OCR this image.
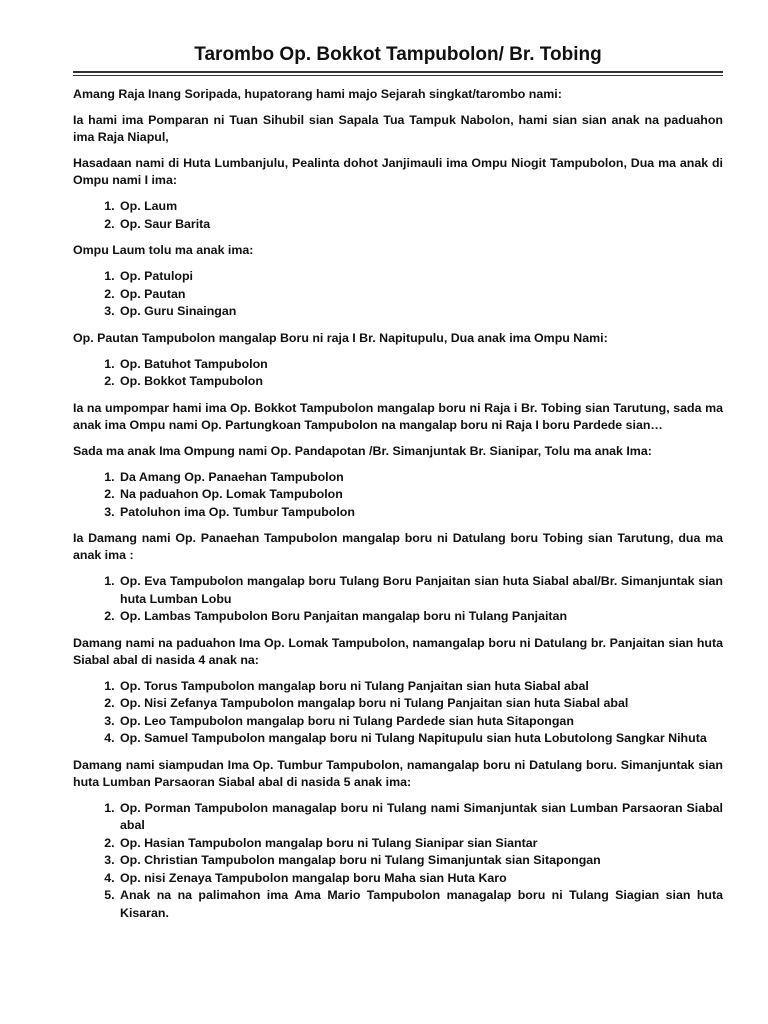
Tarombo Op. Bokkot Tampubolon/ Br. Tobing

Amang Raja Inang Soripada, hupatorang hami majo Sejarah singkat/tarombo nami:

Ia hami ima Pomparan ni Tuan Sihubil sian Sapala Tua Tampuk Nabolon, hami sian sian anak na paduahon ima Raja Niapul,

Hasadaan nami di Huta Lumbanjulu, Pealinta dohot Janjimauli ima Ompu Niogit Tampubolon, Dua ma anak di Ompu nami I ima:

1. Op. Laum
2. Op. Saur Barita

Ompu Laum tolu ma anak ima:

1. Op. Patulopi
2. Op. Pautan
3. Op. Guru Sinaingan

Op. Pautan Tampubolon mangalap Boru ni raja I Br. Napitupulu, Dua anak ima Ompu Nami:

1. Op. Batuhot Tampubolon
2. Op. Bokkot Tampubolon

Ia na umpompar hami ima Op. Bokkot Tampubolon mangalap boru ni Raja i Br. Tobing sian Tarutung, sada ma anak ima Ompu nami Op. Partungkoan Tampubolon na mangalap boru ni Raja I boru Pardede sian…

Sada ma anak Ima Ompung nami Op. Pandapotan /Br. Simanjuntak Br. Sianipar, Tolu ma anak Ima:

1. Da Amang Op. Panaehan Tampubolon
2. Na paduahon Op. Lomak Tampubolon
3. Patoluhon ima Op. Tumbur Tampubolon

Ia Damang nami Op. Panaehan Tampubolon mangalap boru ni Datulang boru Tobing sian Tarutung, dua ma anak ima :

1. Op. Eva Tampubolon mangalap boru Tulang Boru Panjaitan sian huta Siabal abal/Br. Simanjuntak sian huta Lumban Lobu
2. Op. Lambas Tampubolon Boru Panjaitan mangalap boru ni Tulang Panjaitan

Damang nami na paduahon Ima Op. Lomak Tampubolon, namangalap boru ni Datulang br. Panjaitan sian huta Siabal abal di nasida 4 anak na:

1. Op. Torus Tampubolon mangalap boru ni Tulang Panjaitan sian huta Siabal abal
2. Op. Nisi Zefanya Tampubolon mangalap boru ni Tulang Panjaitan sian huta Siabal abal
3. Op. Leo Tampubolon mangalap boru ni Tulang Pardede sian huta Sitapongan
4. Op. Samuel Tampubolon mangalap boru ni Tulang Napitupulu sian huta Lobutolong Sangkar Nihuta

Damang nami siampudan Ima Op. Tumbur Tampubolon, namangalap boru ni Datulang boru. Simanjuntak sian huta Lumban Parsaoran Siabal abal di nasida 5 anak ima:

1. Op. Porman Tampubolon managalap boru ni Tulang nami Simanjuntak sian Lumban Parsaoran Siabal abal
2. Op. Hasian Tampubolon mangalap boru ni Tulang Sianipar sian Siantar
3. Op. Christian Tampubolon mangalap boru ni Tulang Simanjuntak sian Sitapongan
4. Op. nisi Zenaya Tampubolon mangalap boru Maha sian Huta Karo
5. Anak na na palimahon ima Ama Mario Tampubolon managalap boru ni Tulang Siagian sian huta Kisaran.
